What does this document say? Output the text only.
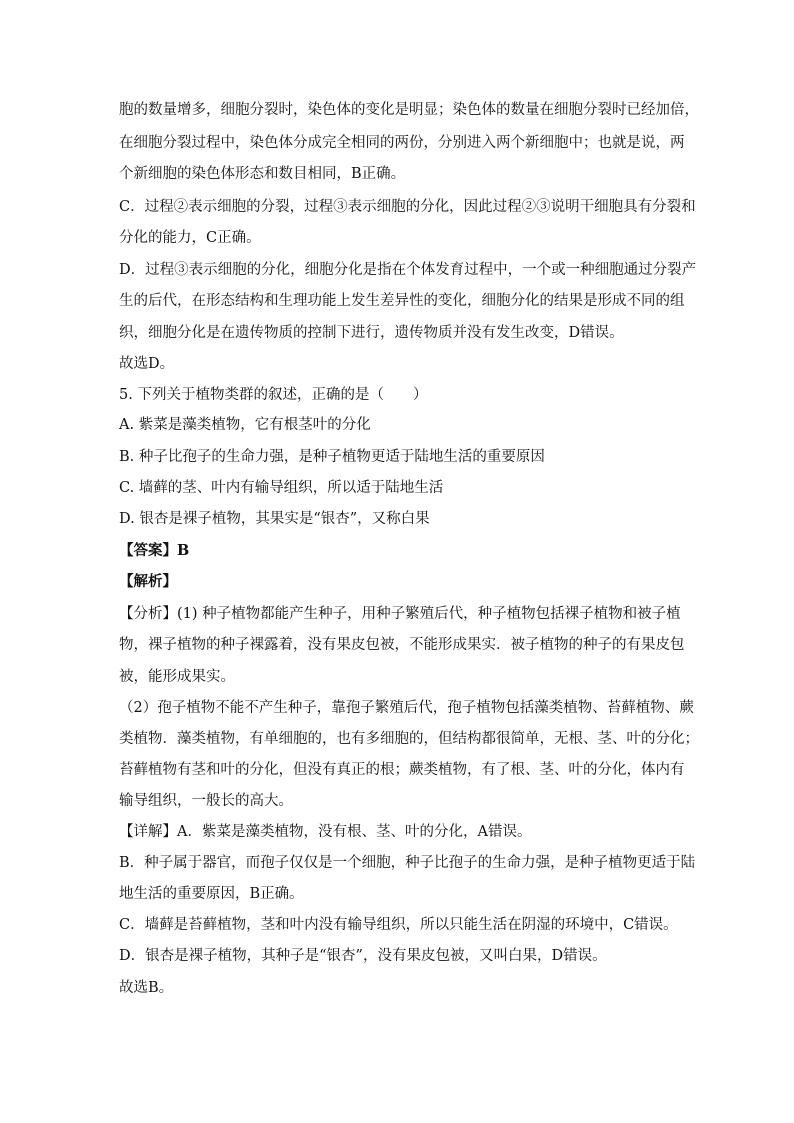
胞的数量增多，细胞分裂时，染色体的变化是明显；染色体的数量在细胞分裂时已经加倍，
在细胞分裂过程中，染色体分成完全相同的两份，分别进入两个新细胞中；也就是说，两
个新细胞的染色体形态和数目相同，B正确。
C．过程②表示细胞的分裂，过程③表示细胞的分化，因此过程②③说明干细胞具有分裂和
分化的能力，C正确。
D．过程③表示细胞的分化，细胞分化是指在个体发育过程中，一个或一种细胞通过分裂产
生的后代，在形态结构和生理功能上发生差异性的变化，细胞分化的结果是形成不同的组
织，细胞分化是在遗传物质的控制下进行，遗传物质并没有发生改变，D错误。
故选D。
5. 下列关于植物类群的叙述，正确的是（　　）
A. 紫菜是藻类植物，它有根茎叶的分化
B. 种子比孢子的生命力强，是种子植物更适于陆地生活的重要原因
C. 墙藓的茎、叶内有输导组织，所以适于陆地生活
D. 银杏是裸子植物，其果实是“银杏”，又称白果
【答案】B
【解析】
【分析】(1) 种子植物都能产生种子，用种子繁殖后代，种子植物包括裸子植物和被子植
物，裸子植物的种子裸露着，没有果皮包被，不能形成果实．被子植物的种子的有果皮包
被，能形成果实。
（2）孢子植物不能不产生种子，靠孢子繁殖后代，孢子植物包括藻类植物、苔藓植物、蕨
类植物．藻类植物，有单细胞的，也有多细胞的，但结构都很简单，无根、茎、叶的分化；
苔藓植物有茎和叶的分化，但没有真正的根；蕨类植物，有了根、茎、叶的分化，体内有
输导组织，一般长的高大。
【详解】A．紫菜是藻类植物，没有根、茎、叶的分化，A错误。
B．种子属于器官，而孢子仅仅是一个细胞，种子比孢子的生命力强，是种子植物更适于陆
地生活的重要原因，B正确。
C．墙藓是苔藓植物，茎和叶内没有输导组织，所以只能生活在阴湿的环境中，C错误。
D．银杏是裸子植物，其种子是“银杏”，没有果皮包被，又叫白果，D错误。
故选B。
